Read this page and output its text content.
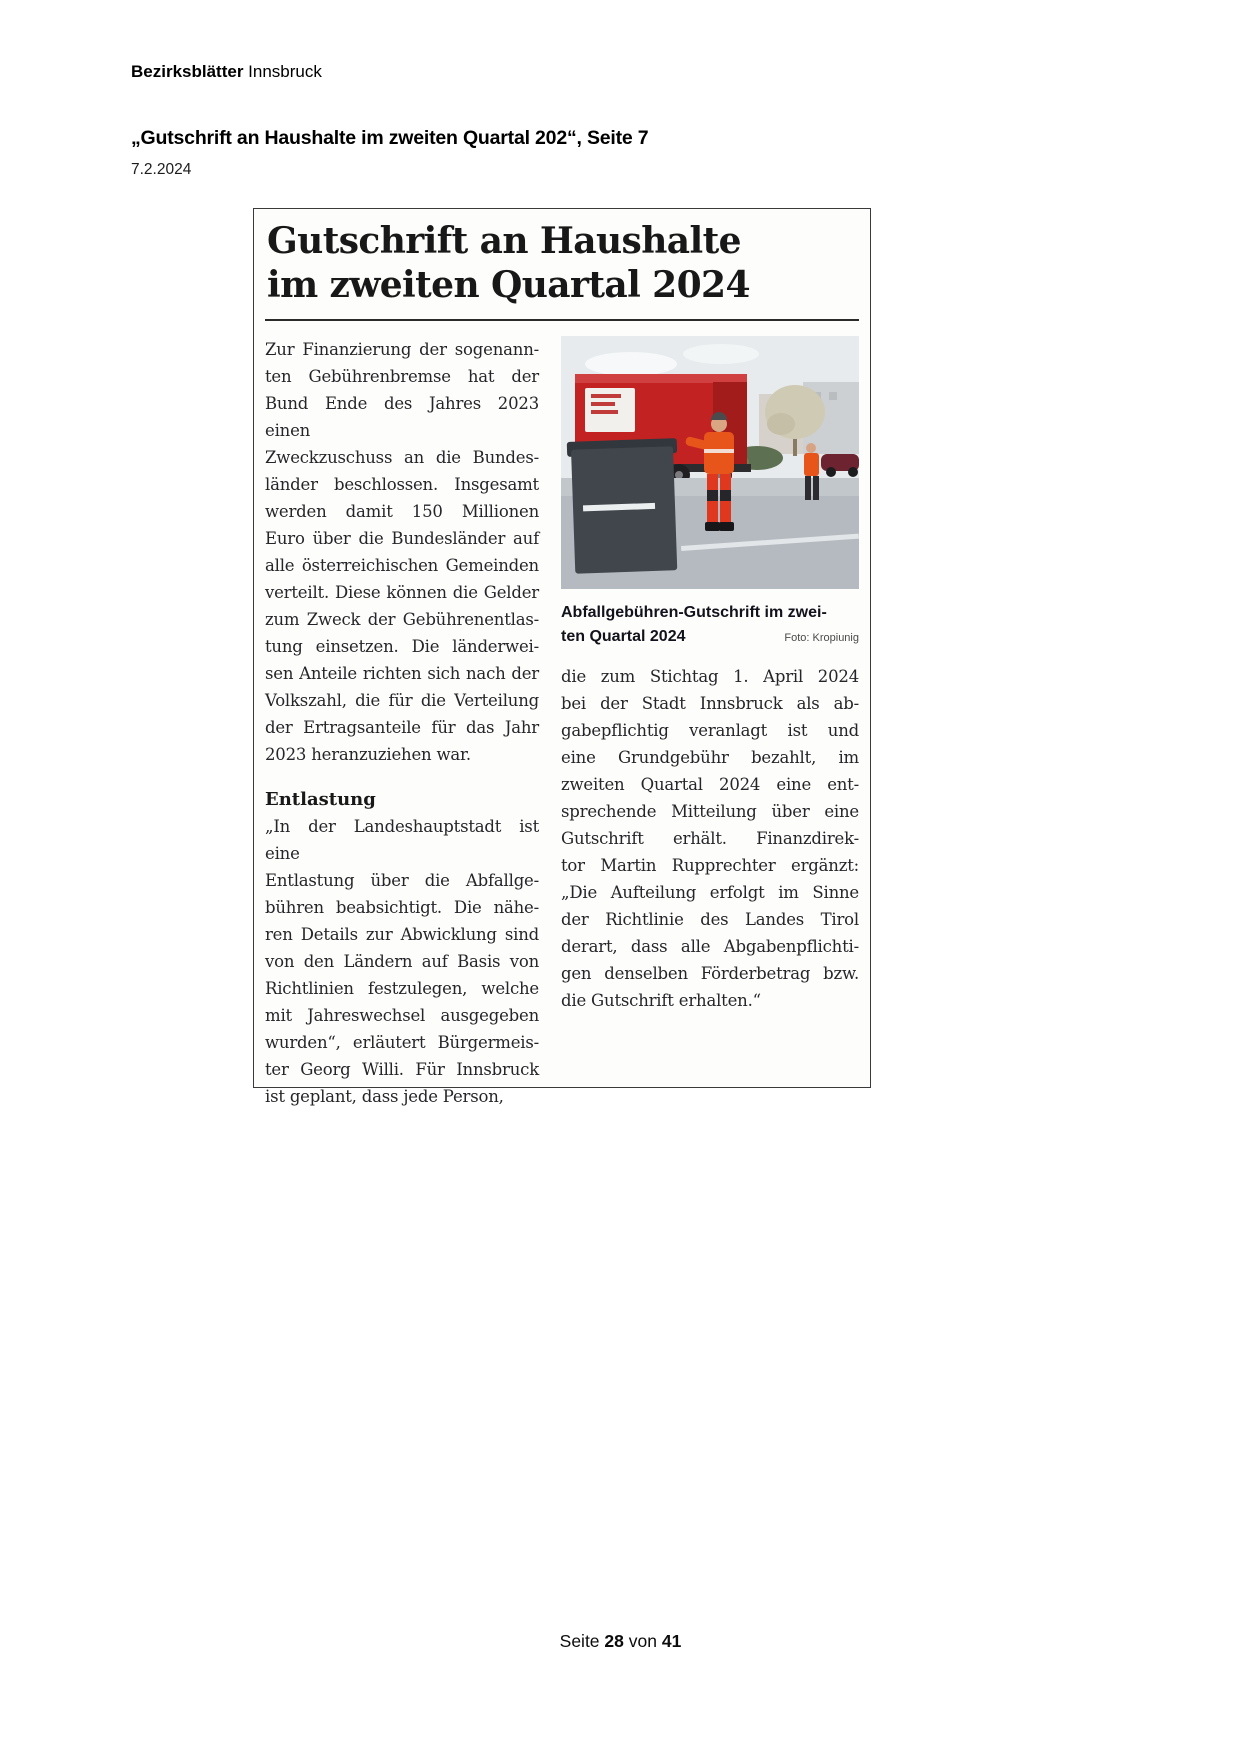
Bezirksblätter Innsbruck
„Gutschrift an Haushalte im zweiten Quartal 202“, Seite 7
7.2.2024
Gutschrift an Haushalte
im zweiten Quartal 2024
Zur Finanzierung der sogenann-
ten Gebührenbremse hat der
Bund Ende des Jahres 2023 einen
Zweckzuschuss an die Bundes-
länder beschlossen. Insgesamt
werden damit 150 Millionen
Euro über die Bundesländer auf
alle österreichischen Gemeinden
verteilt. Diese können die Gelder
zum Zweck der Gebührenentlas-
tung einsetzen. Die länderwei-
sen Anteile richten sich nach der
Volkszahl, die für die Verteilung
der Ertragsanteile für das Jahr
2023 heranzuziehen war.
Entlastung
„In der Landeshauptstadt ist eine
Entlastung über die Abfallge-
bühren beabsichtigt. Die nähe-
ren Details zur Abwicklung sind
von den Ländern auf Basis von
Richtlinien festzulegen, welche
mit Jahreswechsel ausgegeben
wurden“, erläutert Bürgermeis-
ter Georg Willi. Für Innsbruck
ist geplant, dass jede Person,
Abfallgebühren-Gutschrift im zwei-
ten Quartal 2024	Foto: Kropiunig
die zum Stichtag 1. April 2024
bei der Stadt Innsbruck als ab-
gabepflichtig veranlagt ist und
eine Grundgebühr bezahlt, im
zweiten Quartal 2024 eine ent-
sprechende Mitteilung über eine
Gutschrift erhält. Finanzdirek-
tor Martin Rupprechter ergänzt:
„Die Aufteilung erfolgt im Sinne
der Richtlinie des Landes Tirol
derart, dass alle Abgabenpflichti-
gen denselben Förderbetrag bzw.
die Gutschrift erhalten.“
Seite 28 von 41
